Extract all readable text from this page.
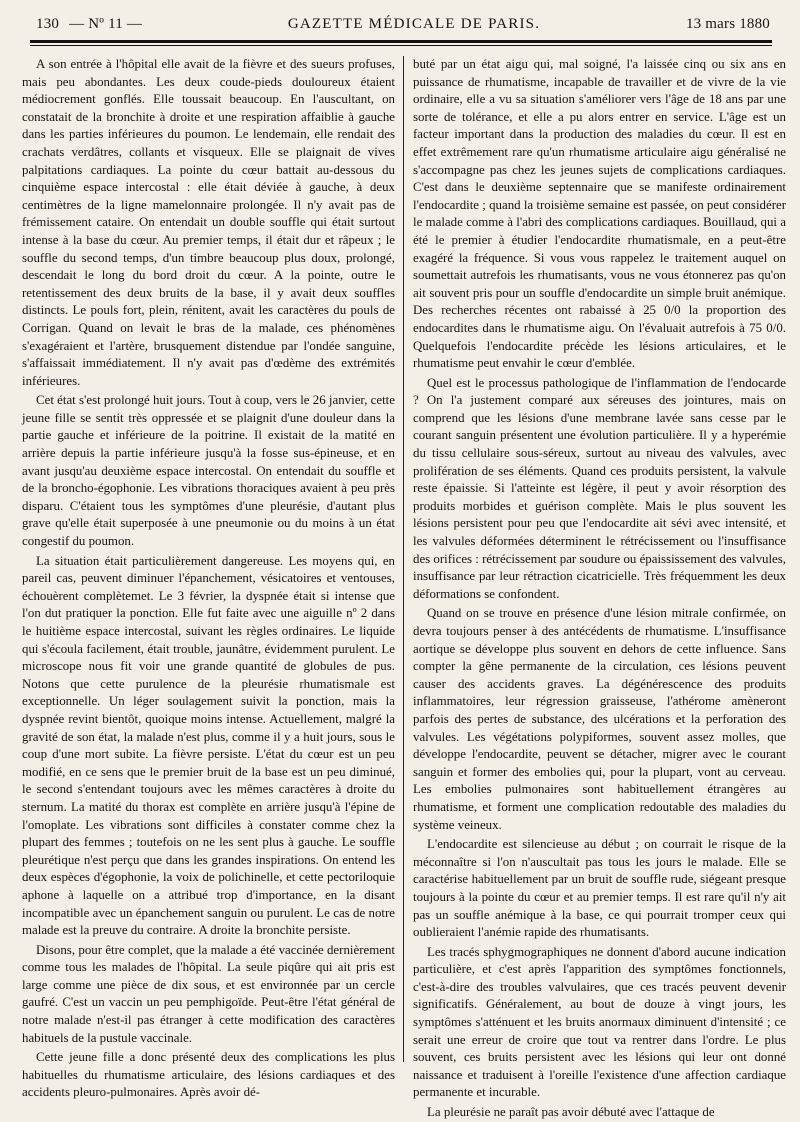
130 — Nº 11 —	GAZETTE MÉDICALE DE PARIS.	13 mars 1880

A son entrée à l'hôpital elle avait de la fièvre et des sueurs profuses, mais peu abondantes. Les deux coude-pieds douloureux étaient médiocrement gonflés. Elle toussait beaucoup. En l'auscultant, on constatait de la bronchite à droite et une respiration affaiblie à gauche dans les parties inférieures du poumon. Le lendemain, elle rendait des crachats verdâtres, collants et visqueux. Elle se plaignait de vives palpitations cardiaques. La pointe du cœur battait au-dessous du cinquième espace intercostal : elle était déviée à gauche, à deux centimètres de la ligne mamelonnaire prolongée. Il n'y avait pas de frémissement cataire. On entendait un double souffle qui était surtout intense à la base du cœur. Au premier temps, il était dur et râpeux ; le souffle du second temps, d'un timbre beaucoup plus doux, prolongé, descendait le long du bord droit du cœur. A la pointe, outre le retentissement des deux bruits de la base, il y avait deux souffles distincts. Le pouls fort, plein, rénitent, avait les caractères du pouls de Corrigan. Quand on levait le bras de la malade, ces phénomènes s'exagéraient et l'artère, brusquement distendue par l'ondée sanguine, s'affaissait immédiatement. Il n'y avait pas d'œdème des extrémités inférieures.

Cet état s'est prolongé huit jours. Tout à coup, vers le 26 janvier, cette jeune fille se sentit très oppressée et se plaignit d'une douleur dans la partie gauche et inférieure de la poitrine. Il existait de la matité en arrière depuis la partie inférieure jusqu'à la fosse sus-épineuse, et en avant jusqu'au deuxième espace intercostal. On entendait du souffle et de la broncho-égophonie. Les vibrations thoraciques avaient à peu près disparu. C'étaient tous les symptômes d'une pleurésie, d'autant plus grave qu'elle était superposée à une pneumonie ou du moins à un état congestif du poumon.

La situation était particulièrement dangereuse. Les moyens qui, en pareil cas, peuvent diminuer l'épanchement, vésicatoires et ventouses, échouèrent complètemet. Le 3 février, la dyspnée était si intense que l'on dut pratiquer la ponction. Elle fut faite avec une aiguille nº 2 dans le huitième espace intercostal, suivant les règles ordinaires. Le liquide qui s'écoula facilement, était trouble, jaunâtre, évidemment purulent. Le microscope nous fit voir une grande quantité de globules de pus. Notons que cette purulence de la pleurésie rhumatismale est exceptionnelle. Un léger soulagement suivit la ponction, mais la dyspnée revint bientôt, quoique moins intense. Actuellement, malgré la gravité de son état, la malade n'est plus, comme il y a huit jours, sous le coup d'une mort subite. La fièvre persiste. L'état du cœur est un peu modifié, en ce sens que le premier bruit de la base est un peu diminué, le second s'entendant toujours avec les mêmes caractères à droite du sternum. La matité du thorax est complète en arrière jusqu'à l'épine de l'omoplate. Les vibrations sont difficiles à constater comme chez la plupart des femmes ; toutefois on ne les sent plus à gauche. Le souffle pleurétique n'est perçu que dans les grandes inspirations. On entend les deux espèces d'égophonie, la voix de polichinelle, et cette pectoriloquie aphone à laquelle on a attribué trop d'importance, en la disant incompatible avec un épanchement sanguin ou purulent. Le cas de notre malade est la preuve du contraire. A droite la bronchite persiste.

Disons, pour être complet, que la malade a été vaccinée dernièrement comme tous les malades de l'hôpital. La seule piqûre qui ait pris est large comme une pièce de dix sous, et est environnée par un cercle gaufré. C'est un vaccin un peu pemphigoïde. Peut-être l'état général de notre malade n'est-il pas étranger à cette modification des caractères habituels de la pustule vaccinale.

Cette jeune fille a donc présenté deux des complications les plus habituelles du rhumatisme articulaire, des lésions cardiaques et des accidents pleuro-pulmonaires. Après avoir dé-

buté par un état aigu qui, mal soigné, l'a laissée cinq ou six ans en puissance de rhumatisme, incapable de travailler et de vivre de la vie ordinaire, elle a vu sa situation s'améliorer vers l'âge de 18 ans par une sorte de tolérance, et elle a pu alors entrer en service. L'âge est un facteur important dans la production des maladies du cœur. Il est en effet extrêmement rare qu'un rhumatisme articulaire aigu généralisé ne s'accompagne pas chez les jeunes sujets de complications cardiaques. C'est dans le deuxième septennaire que se manifeste ordinairement l'endocardite ; quand la troisième semaine est passée, on peut considérer le malade comme à l'abri des complications cardiaques. Bouillaud, qui a été le premier à étudier l'endocardite rhumatismale, en a peut-être exagéré la fréquence. Si vous vous rappelez le traitement auquel on soumettait autrefois les rhumatisants, vous ne vous étonnerez pas qu'on ait souvent pris pour un souffle d'endocardite un simple bruit anémique. Des recherches récentes ont rabaissé à 25 0/0 la proportion des endocardites dans le rhumatisme aigu. On l'évaluait autrefois à 75 0/0. Quelquefois l'endocardite précède les lésions articulaires, et le rhumatisme peut envahir le cœur d'emblée.

Quel est le processus pathologique de l'inflammation de l'endocarde ? On l'a justement comparé aux séreuses des jointures, mais on comprend que les lésions d'une membrane lavée sans cesse par le courant sanguin présentent une évolution particulière. Il y a hyperémie du tissu cellulaire sous-séreux, surtout au niveau des valvules, avec prolifération de ses éléments. Quand ces produits persistent, la valvule reste épaissie. Si l'atteinte est légère, il peut y avoir résorption des produits morbides et guérison complète. Mais le plus souvent les lésions persistent pour peu que l'endocardite ait sévi avec intensité, et les valvules déformées déterminent le rétrécissement ou l'insuffisance des orifices : rétrécissement par soudure ou épaississement des valvules, insuffisance par leur rétraction cicatricielle. Très fréquemment les deux déformations se confondent.

Quand on se trouve en présence d'une lésion mitrale confirmée, on devra toujours penser à des antécédents de rhumatisme. L'insuffisance aortique se développe plus souvent en dehors de cette influence. Sans compter la gêne permanente de la circulation, ces lésions peuvent causer des accidents graves. La dégénérescence des produits inflammatoires, leur régression graisseuse, l'athérome amèneront parfois des pertes de substance, des ulcérations et la perforation des valvules. Les végétations polypiformes, souvent assez molles, que développe l'endocardite, peuvent se détacher, migrer avec le courant sanguin et former des embolies qui, pour la plupart, vont au cerveau. Les embolies pulmonaires sont habituellement étrangères au rhumatisme, et forment une complication redoutable des maladies du système veineux.

L'endocardite est silencieuse au début ; on courrait le risque de la méconnaître si l'on n'auscultait pas tous les jours le malade. Elle se caractérise habituellement par un bruit de souffle rude, siégeant presque toujours à la pointe du cœur et au premier temps. Il est rare qu'il n'y ait pas un souffle anémique à la base, ce qui pourrait tromper ceux qui oublieraient l'anémie rapide des rhumatisants.

Les tracés sphygmographiques ne donnent d'abord aucune indication particulière, et c'est après l'apparition des symptômes fonctionnels, c'est-à-dire des troubles valvulaires, que ces tracés peuvent devenir significatifs. Généralement, au bout de douze à vingt jours, les symptômes s'atténuent et les bruits anormaux diminuent d'intensité ; ce serait une erreur de croire que tout va rentrer dans l'ordre. Le plus souvent, ces bruits persistent avec les lésions qui leur ont donné naissance et traduisent à l'oreille l'existence d'une affection cardiaque permanente et incurable.

La pleurésie ne paraît pas avoir débuté avec l'attaque de
